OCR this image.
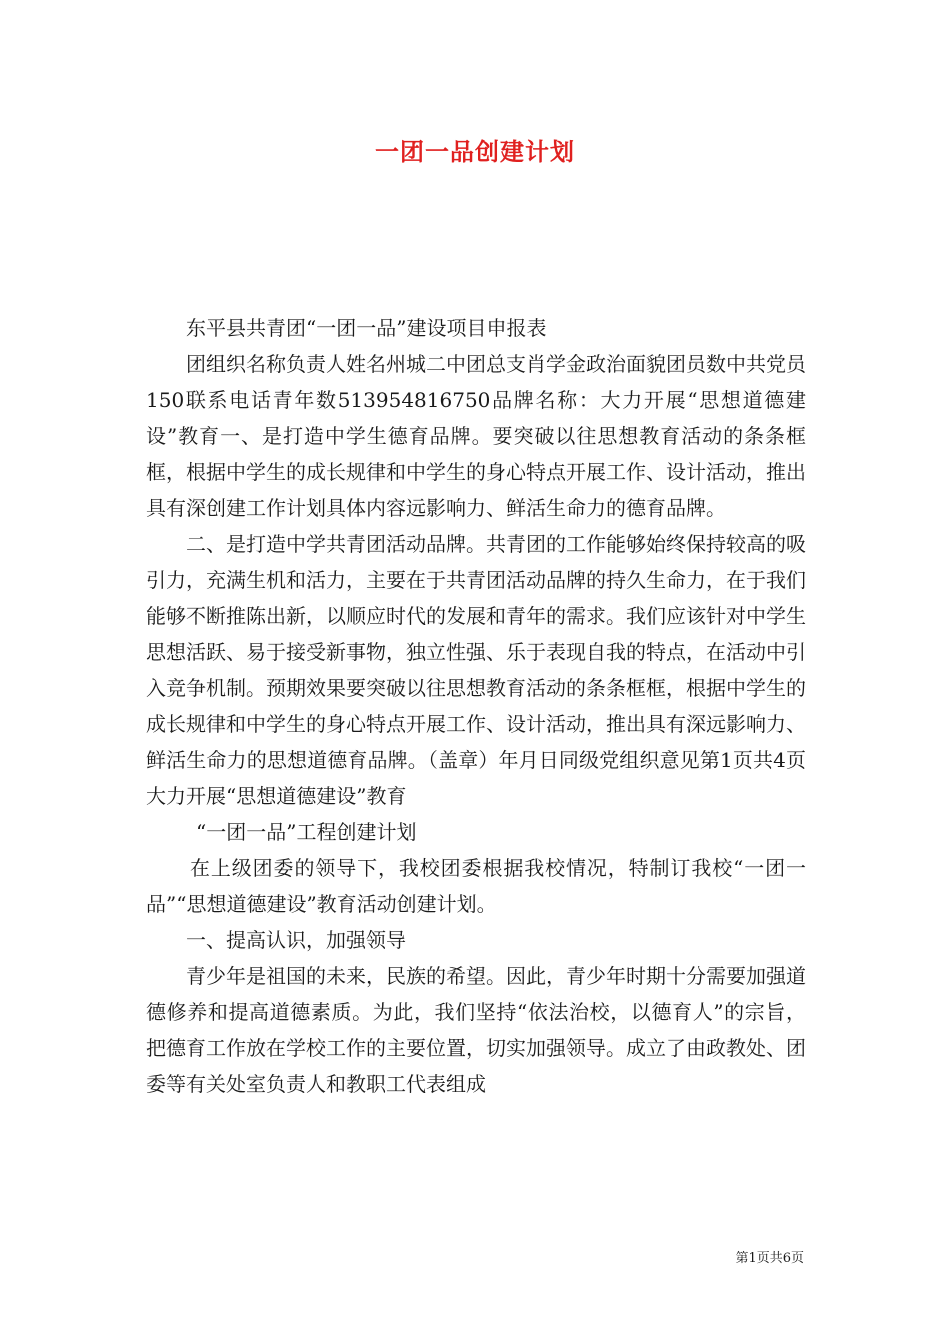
一团一品创建计划

东平县共青团“一团一品”建设项目申报表

团组织名称负责人姓名州城二中团总支肖学金政治面貌团员数中共党员150联系电话青年数513954816750品牌名称：大力开展“思想道德建设”教育一、是打造中学生德育品牌。要突破以往思想教育活动的条条框框，根据中学生的成长规律和中学生的身心特点开展工作、设计活动，推出具有深创建工作计划具体内容远影响力、鲜活生命力的德育品牌。

二、是打造中学共青团活动品牌。共青团的工作能够始终保持较高的吸引力，充满生机和活力，主要在于共青团活动品牌的持久生命力，在于我们能够不断推陈出新，以顺应时代的发展和青年的需求。我们应该针对中学生思想活跃、易于接受新事物，独立性强、乐于表现自我的特点，在活动中引入竞争机制。预期效果要突破以往思想教育活动的条条框框，根据中学生的成长规律和中学生的身心特点开展工作、设计活动，推出具有深远影响力、鲜活生命力的思想道德育品牌。（盖章）年月日同级党组织意见第1页共4页大力开展“思想道德建设”教育

“一团一品”工程创建计划

在上级团委的领导下，我校团委根据我校情况，特制订我校“一团一品”“思想道德建设”教育活动创建计划。

一、提高认识，加强领导

青少年是祖国的未来，民族的希望。因此，青少年时期十分需要加强道德修养和提高道德素质。为此，我们坚持“依法治校，以德育人”的宗旨，把德育工作放在学校工作的主要位置，切实加强领导。成立了由政教处、团委等有关处室负责人和教职工代表组成

第1页共6页
